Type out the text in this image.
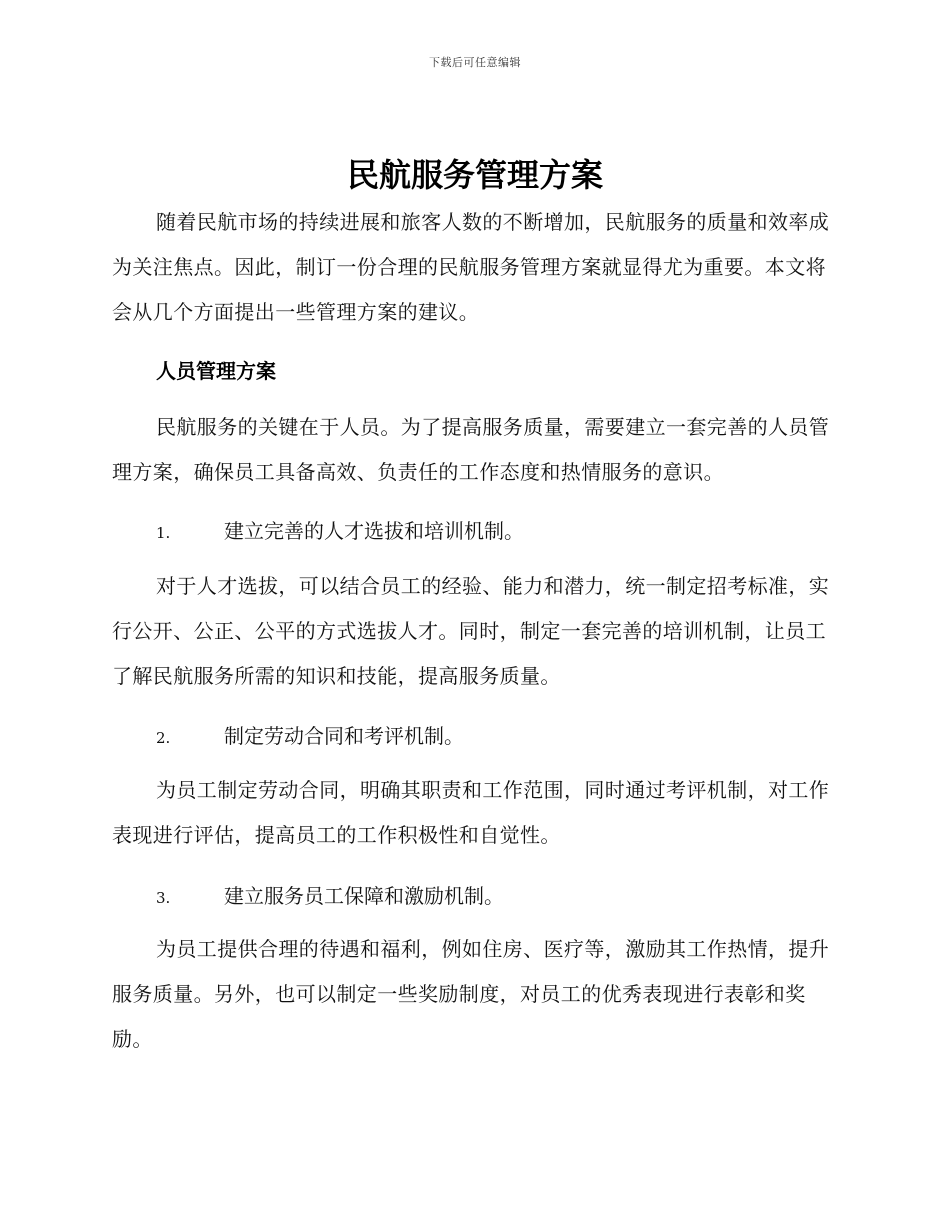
下载后可任意编辑
民航服务管理方案
随着民航市场的持续进展和旅客人数的不断增加，民航服务的质量和效率成为关注焦点。因此，制订一份合理的民航服务管理方案就显得尤为重要。本文将会从几个方面提出一些管理方案的建议。
人员管理方案
民航服务的关键在于人员。为了提高服务质量，需要建立一套完善的人员管理方案，确保员工具备高效、负责任的工作态度和热情服务的意识。
1.	建立完善的人才选拔和培训机制。
对于人才选拔，可以结合员工的经验、能力和潜力，统一制定招考标准，实行公开、公正、公平的方式选拔人才。同时，制定一套完善的培训机制，让员工了解民航服务所需的知识和技能，提高服务质量。
2.	制定劳动合同和考评机制。
为员工制定劳动合同，明确其职责和工作范围，同时通过考评机制，对工作表现进行评估，提高员工的工作积极性和自觉性。
3.	建立服务员工保障和激励机制。
为员工提供合理的待遇和福利，例如住房、医疗等，激励其工作热情，提升服务质量。另外，也可以制定一些奖励制度，对员工的优秀表现进行表彰和奖励。
